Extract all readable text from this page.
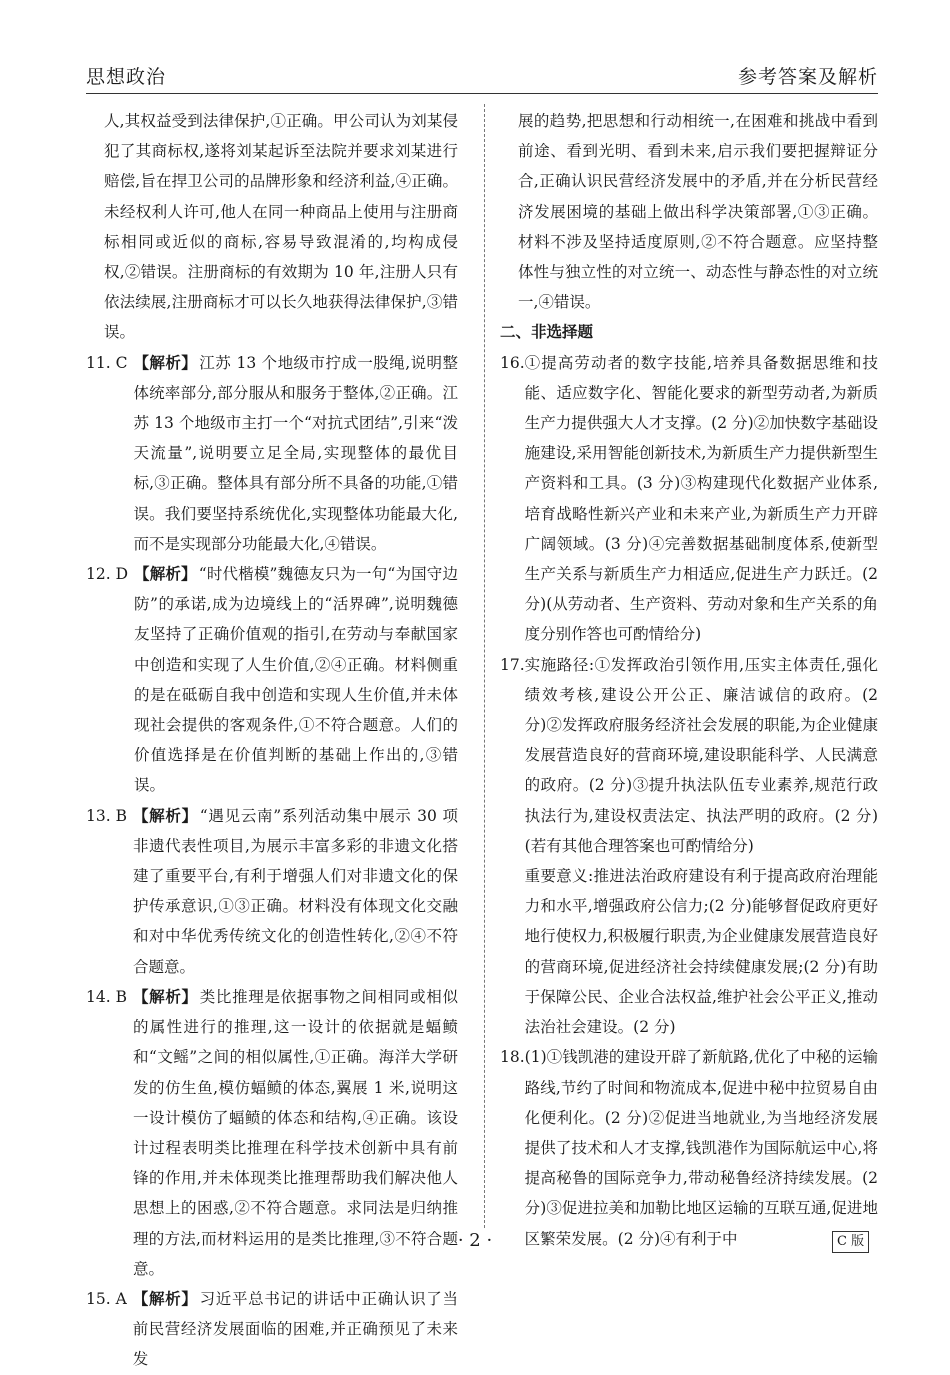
思想政治	参考答案及解析

人,其权益受到法律保护,①正确。甲公司认为刘某侵犯了其商标权,遂将刘某起诉至法院并要求刘某进行赔偿,旨在捍卫公司的品牌形象和经济利益,④正确。未经权利人许可,他人在同一种商品上使用与注册商标相同或近似的商标,容易导致混淆的,均构成侵权,②错误。注册商标的有效期为 10 年,注册人只有依法续展,注册商标才可以长久地获得法律保护,③错误。

11. C 【解析】 江苏 13 个地级市拧成一股绳,说明整体统率部分,部分服从和服务于整体,②正确。江苏 13 个地级市主打一个“对抗式团结”,引来“泼天流量”,说明要立足全局,实现整体的最优目标,③正确。整体具有部分所不具备的功能,①错误。我们要坚持系统优化,实现整体功能最大化,而不是实现部分功能最大化,④错误。
12. D 【解析】 “时代楷模”魏德友只为一句“为国守边防”的承诺,成为边境线上的“活界碑”,说明魏德友坚持了正确价值观的指引,在劳动与奉献国家中创造和实现了人生价值,②④正确。材料侧重的是在砥砺自我中创造和实现人生价值,并未体现社会提供的客观条件,①不符合题意。人们的价值选择是在价值判断的基础上作出的,③错误。
13. B 【解析】 “遇见云南”系列活动集中展示 30 项非遗代表性项目,为展示丰富多彩的非遗文化搭建了重要平台,有利于增强人们对非遗文化的保护传承意识,①③正确。材料没有体现文化交融和对中华优秀传统文化的创造性转化,②④不符合题意。
14. B 【解析】 类比推理是依据事物之间相同或相似的属性进行的推理,这一设计的依据就是蝠鲼和“文鳐”之间的相似属性,①正确。海洋大学研发的仿生鱼,模仿蝠鲼的体态,翼展 1 米,说明这一设计模仿了蝠鲼的体态和结构,④正确。该设计过程表明类比推理在科学技术创新中具有前锋的作用,并未体现类比推理帮助我们解决他人思想上的困惑,②不符合题意。求同法是归纳推理的方法,而材料运用的是类比推理,③不符合题意。
15. A 【解析】 习近平总书记的讲话中正确认识了当前民营经济发展面临的困难,并正确预见了未来发

展的趋势,把思想和行动相统一,在困难和挑战中看到前途、看到光明、看到未来,启示我们要把握辩证分合,正确认识民营经济发展中的矛盾,并在分析民营经济发展困境的基础上做出科学决策部署,①③正确。材料不涉及坚持适度原则,②不符合题意。应坚持整体性与独立性的对立统一、动态性与静态性的对立统一,④错误。

二、非选择题

16. ①提高劳动者的数字技能,培养具备数据思维和技能、适应数字化、智能化要求的新型劳动者,为新质生产力提供强大人才支撑。(2 分)②加快数字基础设施建设,采用智能创新技术,为新质生产力提供新型生产资料和工具。(3 分)③构建现代化数据产业体系,培育战略性新兴产业和未来产业,为新质生产力开辟广阔领域。(3 分)④完善数据基础制度体系,使新型生产关系与新质生产力相适应,促进生产力跃迁。(2 分)(从劳动者、生产资料、劳动对象和生产关系的角度分别作答也可酌情给分)
17. 实施路径:①发挥政治引领作用,压实主体责任,强化绩效考核,建设公开公正、廉洁诚信的政府。(2 分)②发挥政府服务经济社会发展的职能,为企业健康发展营造良好的营商环境,建设职能科学、人民满意的政府。(2 分)③提升执法队伍专业素养,规范行政执法行为,建设权责法定、执法严明的政府。(2 分)(若有其他合理答案也可酌情给分)
重要意义:推进法治政府建设有利于提高政府治理能力和水平,增强政府公信力;(2 分)能够督促政府更好地行使权力,积极履行职责,为企业健康发展营造良好的营商环境,促进经济社会持续健康发展;(2 分)有助于保障公民、企业合法权益,维护社会公平正义,推动法治社会建设。(2 分)
18. (1)①钱凯港的建设开辟了新航路,优化了中秘的运输路线,节约了时间和物流成本,促进中秘中拉贸易自由化便利化。(2 分)②促进当地就业,为当地经济发展提供了技术和人才支撑,钱凯港作为国际航运中心,将提高秘鲁的国际竞争力,带动秘鲁经济持续发展。(2 分)③促进拉美和加勒比地区运输的互联互通,促进地区繁荣发展。(2 分)④有利于中
· 2 ·	C 版
